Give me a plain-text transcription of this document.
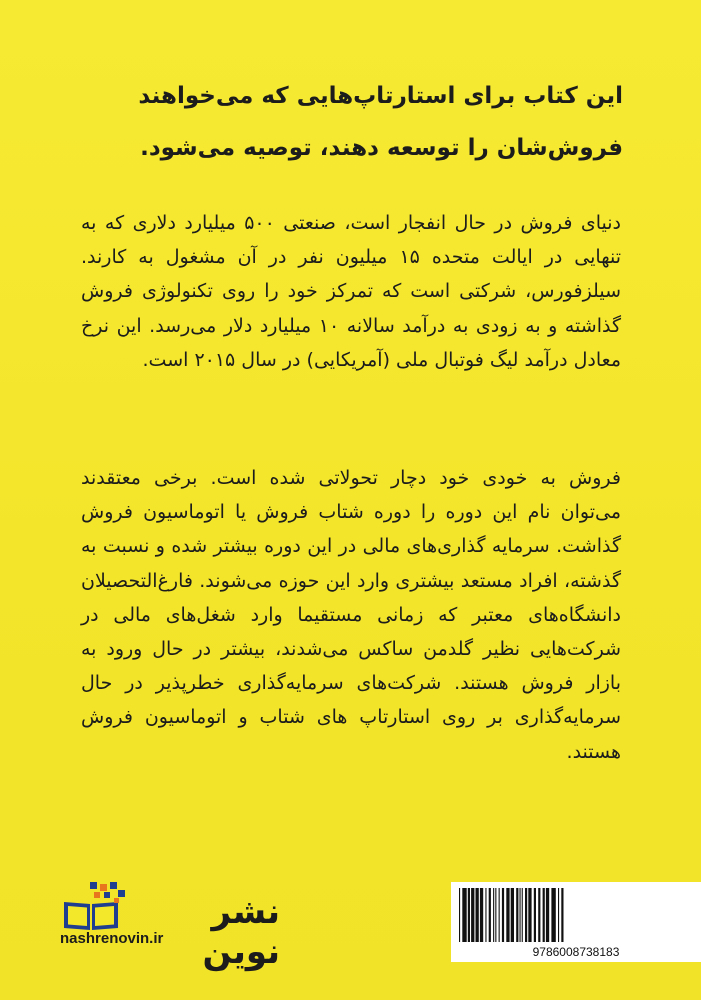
این کتاب برای استارتاپ‌هایی که می‌خواهند فروش‌شان را توسعه دهند، توصیه می‌شود.
دنیای فروش در حال انفجار است، صنعتی ۵۰۰ میلیارد دلاری که به تنهایی در ایالت متحده ۱۵ میلیون نفر در آن مشغول به کارند. سیلزفورس، شرکتی است که تمرکز خود را روی تکنولوژی فروش گذاشته و به زودی به درآمد سالانه ۱۰ میلیارد دلار می‌رسد. این نرخ معادل درآمد لیگ فوتبال ملی (آمریکایی) در سال ۲۰۱۵ است.
فروش به خودی خود دچار تحولاتی شده است. برخی معتقدند می‌توان نام این دوره را دوره شتاب فروش یا اتوماسیون فروش گذاشت. سرمایه گذاری‌های مالی در این دوره بیشتر شده و نسبت به گذشته، افراد مستعد بیشتری وارد این حوزه می‌شوند. فارغ‌التحصیلان دانشگاه‌های معتبر که زمانی مستقیما وارد شغل‌های مالی در شرکت‌هایی نظیر گلدمن ساکس می‌شدند، بیشتر در حال ورود به بازار فروش هستند. شرکت‌های سرمایه‌گذاری خطرپذیر در حال سرمایه‌گذاری بر روی استارتاپ های شتاب و اتوماسیون فروش هستند.
نشر نوین
nashrenovin.ir
9786008738183
